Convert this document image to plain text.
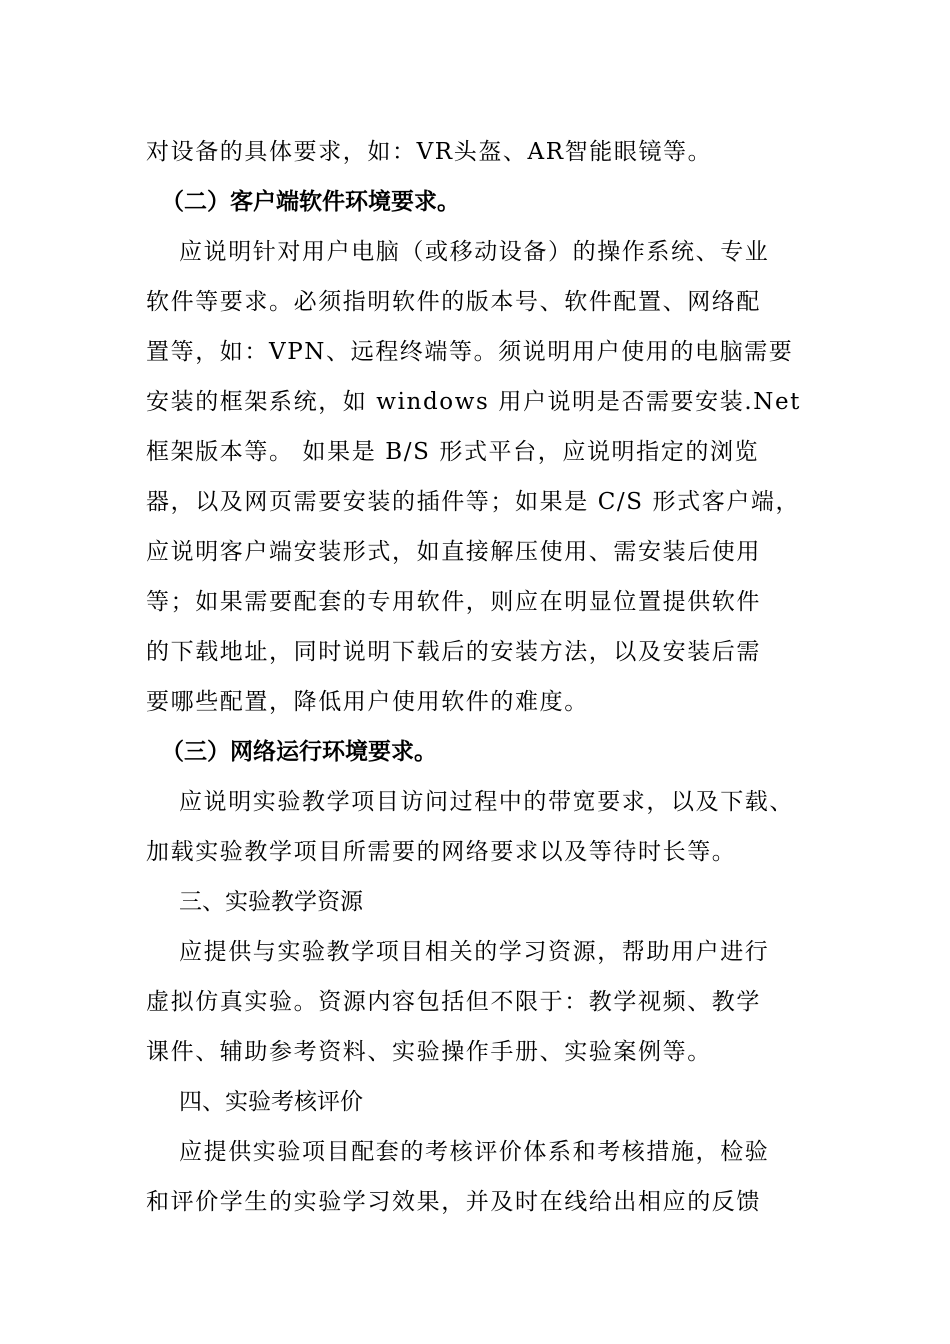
对设备的具体要求，如：VR头盔、AR智能眼镜等。
（二）客户端软件环境要求。
应说明针对用户电脑（或移动设备）的操作系统、专业
软件等要求。必须指明软件的版本号、软件配置、网络配
置等，如：VPN、远程终端等。须说明用户使用的电脑需要
安装的框架系统，如 windows 用户说明是否需要安装.Net
框架版本等。 如果是 B/S 形式平台，应说明指定的浏览
器，以及网页需要安装的插件等；如果是 C/S 形式客户端，
应说明客户端安装形式，如直接解压使用、需安装后使用
等；如果需要配套的专用软件，则应在明显位置提供软件
的下载地址，同时说明下载后的安装方法，以及安装后需
要哪些配置，降低用户使用软件的难度。
（三）网络运行环境要求。
应说明实验教学项目访问过程中的带宽要求，以及下载、
加载实验教学项目所需要的网络要求以及等待时长等。
三、实验教学资源
应提供与实验教学项目相关的学习资源，帮助用户进行
虚拟仿真实验。资源内容包括但不限于：教学视频、教学
课件、辅助参考资料、实验操作手册、实验案例等。
四、实验考核评价
应提供实验项目配套的考核评价体系和考核措施，检验
和评价学生的实验学习效果，并及时在线给出相应的反馈
